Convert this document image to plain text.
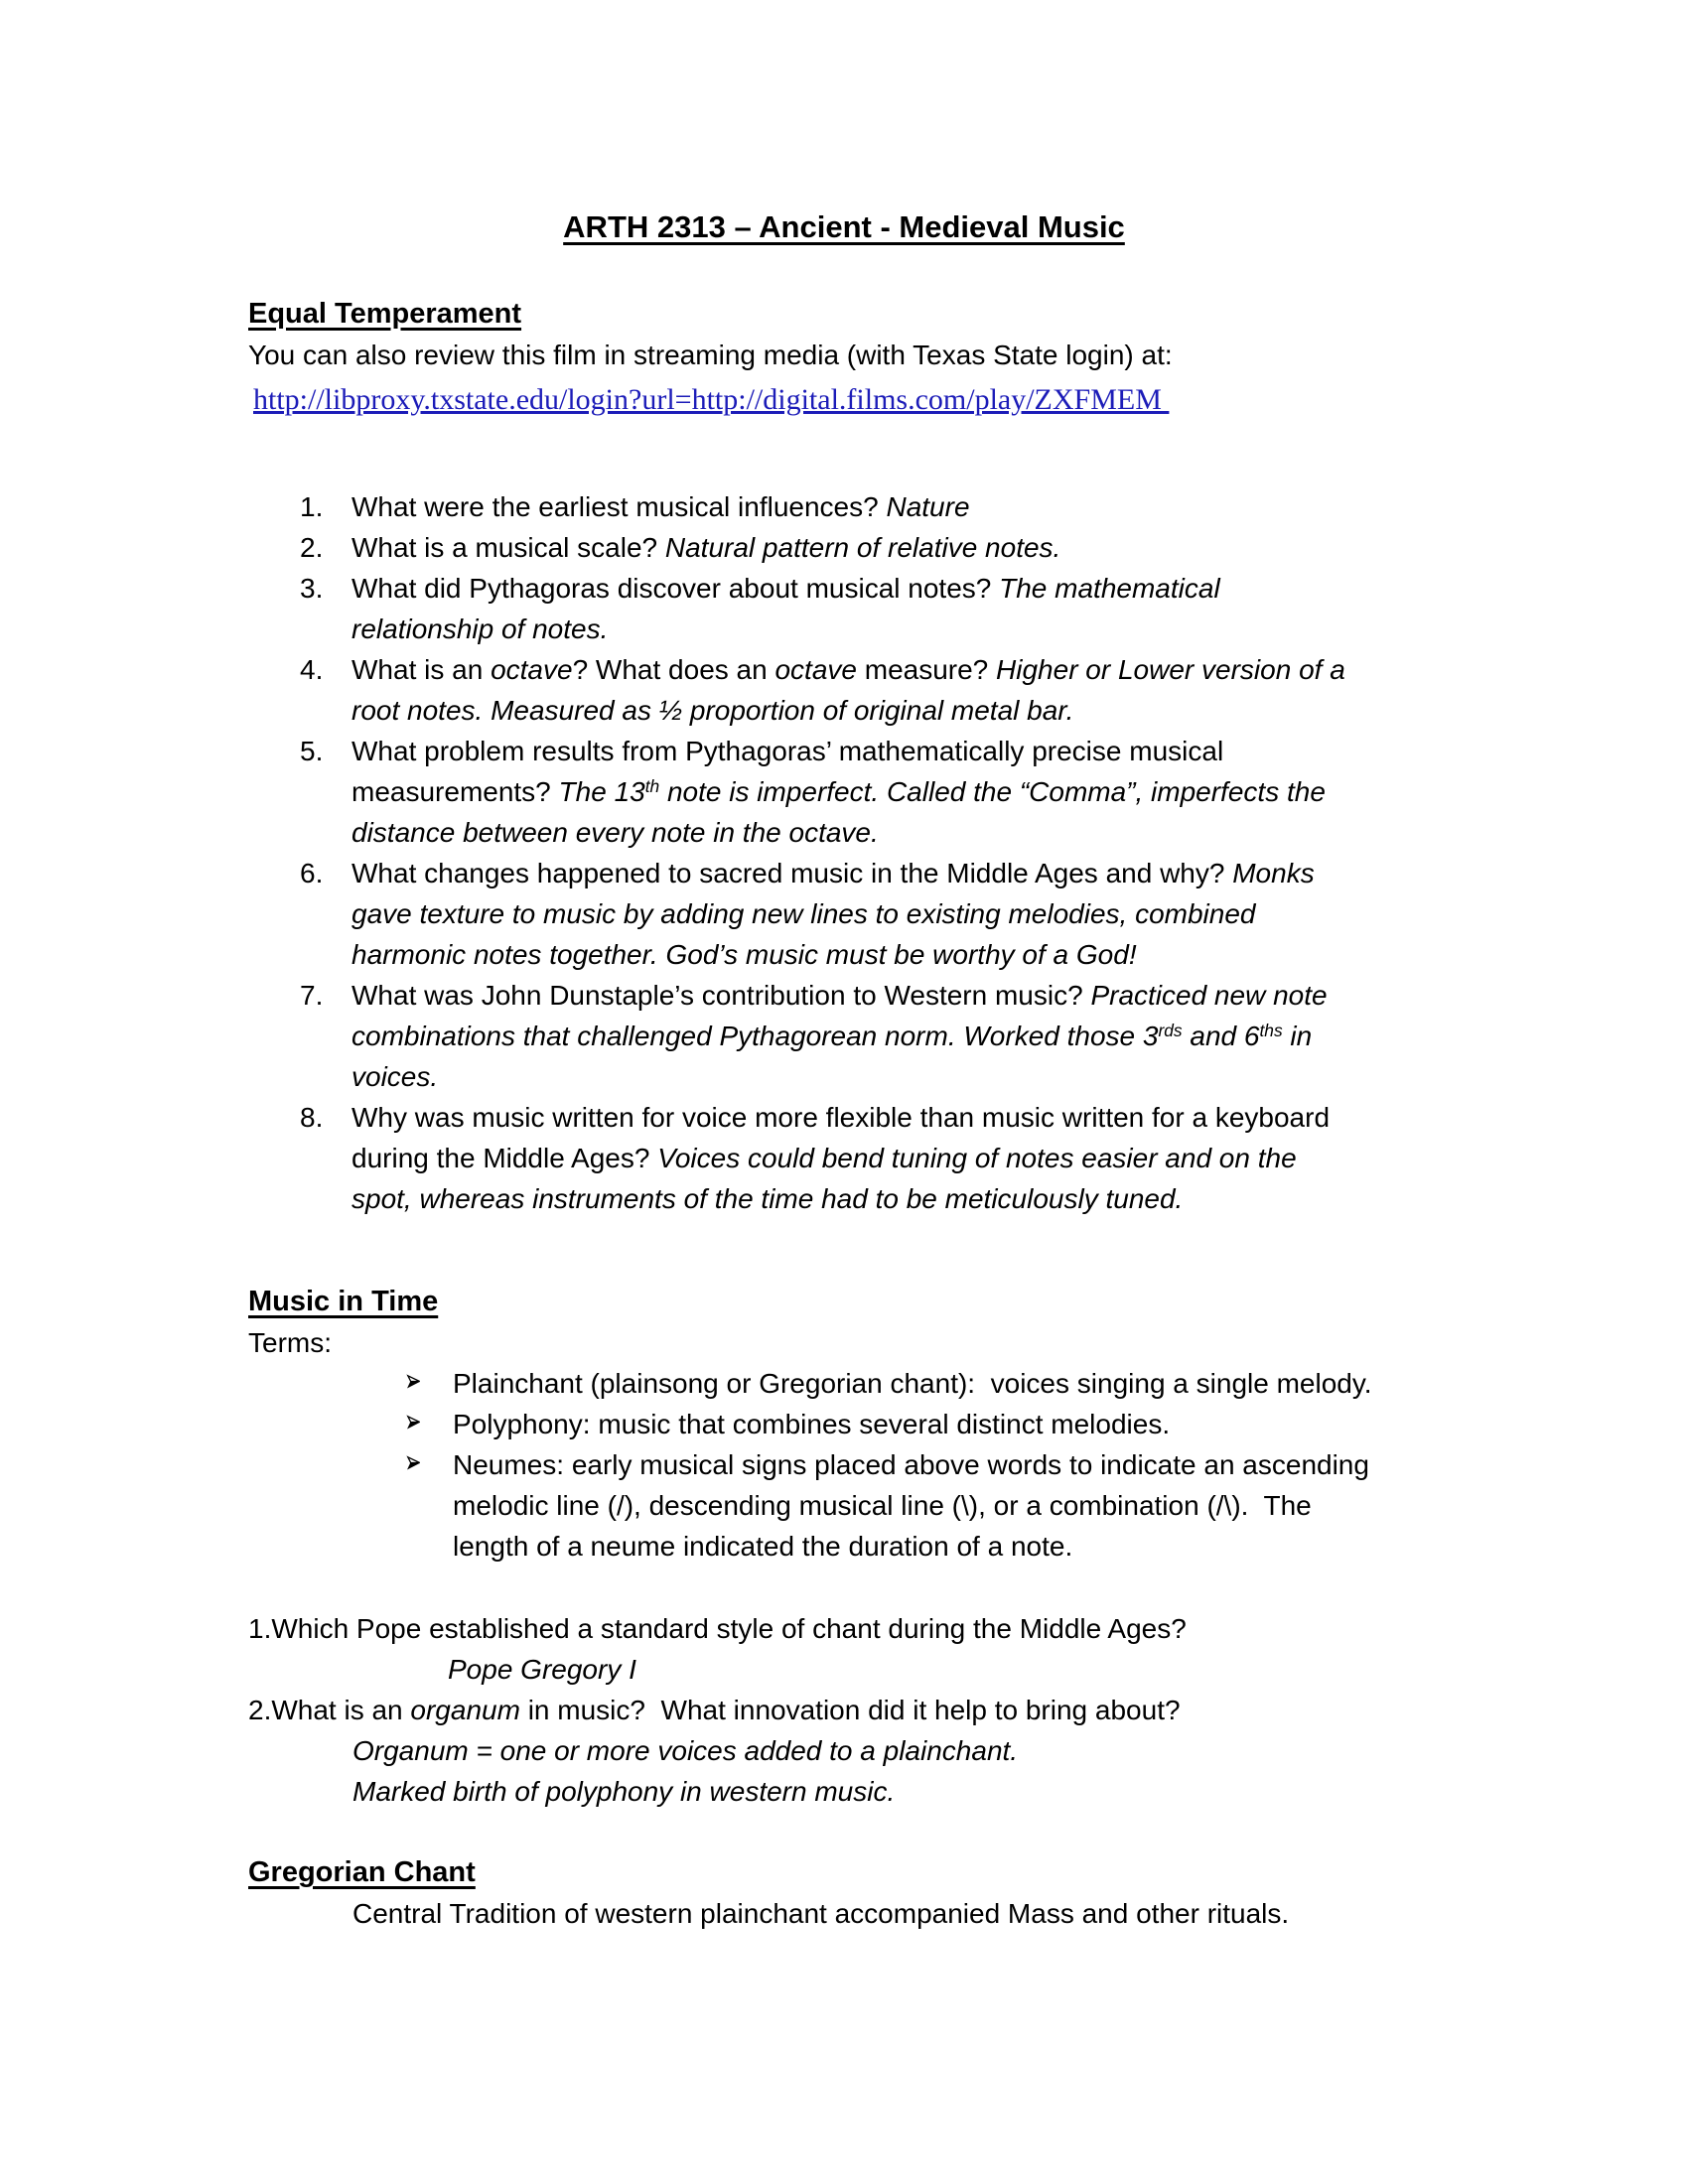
ARTH 2313 – Ancient - Medieval Music
Equal Temperament
You can also review this film in streaming media (with Texas State login) at:
http://libproxy.txstate.edu/login?url=http://digital.films.com/play/ZXFMEM
1.	What were the earliest musical influences? Nature
2.	What is a musical scale? Natural pattern of relative notes.
3.	What did Pythagoras discover about musical notes? The mathematical
relationship of notes.
4.	What is an octave? What does an octave measure? Higher or Lower version of a
root notes. Measured as ½ proportion of original metal bar.
5.	What problem results from Pythagoras’ mathematically precise musical
measurements? The 13th note is imperfect. Called the “Comma”, imperfects the
distance between every note in the octave.
6.	What changes happened to sacred music in the Middle Ages and why? Monks
gave texture to music by adding new lines to existing melodies, combined
harmonic notes together. God’s music must be worthy of a God!
7.	What was John Dunstaple’s contribution to Western music? Practiced new note
combinations that challenged Pythagorean norm. Worked those $3^{rds}$ and $6^{ths}$ in
voices.
8.	Why was music written for voice more flexible than music written for a keyboard
during the Middle Ages? Voices could bend tuning of notes easier and on the
spot, whereas instruments of the time had to be meticulously tuned.
Music in Time
Terms:
Plainchant (plainsong or Gregorian chant):  voices singing a single melody.
Polyphony: music that combines several distinct melodies.
Neumes: early musical signs placed above words to indicate an ascending
melodic line (/), descending musical line (\), or a combination (/\).  The
length of a neume indicated the duration of a note.
1.Which Pope established a standard style of chant during the Middle Ages?
Pope Gregory I
2.What is an organum in music?  What innovation did it help to bring about?
Organum = one or more voices added to a plainchant.
Marked birth of polyphony in western music.
Gregorian Chant
Central Tradition of western plainchant accompanied Mass and other rituals.
